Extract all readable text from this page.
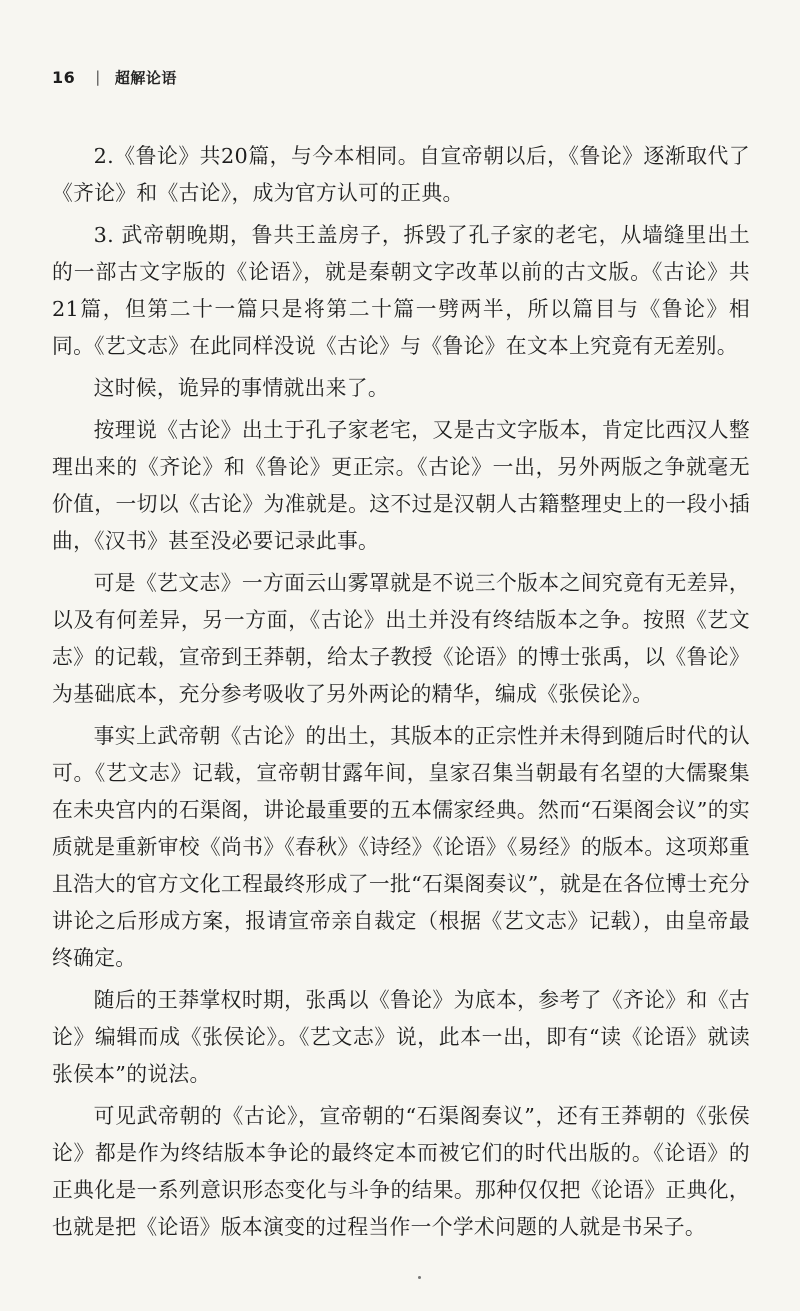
16 | 超解论语

2.《鲁论》共20篇，与今本相同。自宣帝朝以后，《鲁论》逐渐取代了《齐论》和《古论》，成为官方认可的正典。

3. 武帝朝晚期，鲁共王盖房子，拆毁了孔子家的老宅，从墙缝里出土的一部古文字版的《论语》，就是秦朝文字改革以前的古文版。《古论》共21篇，但第二十一篇只是将第二十篇一劈两半，所以篇目与《鲁论》相同。《艺文志》在此同样没说《古论》与《鲁论》在文本上究竟有无差别。

这时候，诡异的事情就出来了。

按理说《古论》出土于孔子家老宅，又是古文字版本，肯定比西汉人整理出来的《齐论》和《鲁论》更正宗。《古论》一出，另外两版之争就毫无价值，一切以《古论》为准就是。这不过是汉朝人古籍整理史上的一段小插曲，《汉书》甚至没必要记录此事。

可是《艺文志》一方面云山雾罩就是不说三个版本之间究竟有无差异，以及有何差异，另一方面，《古论》出土并没有终结版本之争。按照《艺文志》的记载，宣帝到王莽朝，给太子教授《论语》的博士张禹，以《鲁论》为基础底本，充分参考吸收了另外两论的精华，编成《张侯论》。

事实上武帝朝《古论》的出土，其版本的正宗性并未得到随后时代的认可。《艺文志》记载，宣帝朝甘露年间，皇家召集当朝最有名望的大儒聚集在未央宫内的石渠阁，讲论最重要的五本儒家经典。然而“石渠阁会议”的实质就是重新审校《尚书》《春秋》《诗经》《论语》《易经》的版本。这项郑重且浩大的官方文化工程最终形成了一批“石渠阁奏议”，就是在各位博士充分讲论之后形成方案，报请宣帝亲自裁定（根据《艺文志》记载），由皇帝最终确定。

随后的王莽掌权时期，张禹以《鲁论》为底本，参考了《齐论》和《古论》编辑而成《张侯论》。《艺文志》说，此本一出，即有“读《论语》就读张侯本”的说法。

可见武帝朝的《古论》，宣帝朝的“石渠阁奏议”，还有王莽朝的《张侯论》都是作为终结版本争论的最终定本而被它们的时代出版的。《论语》的正典化是一系列意识形态变化与斗争的结果。那种仅仅把《论语》正典化，也就是把《论语》版本演变的过程当作一个学术问题的人就是书呆子。
